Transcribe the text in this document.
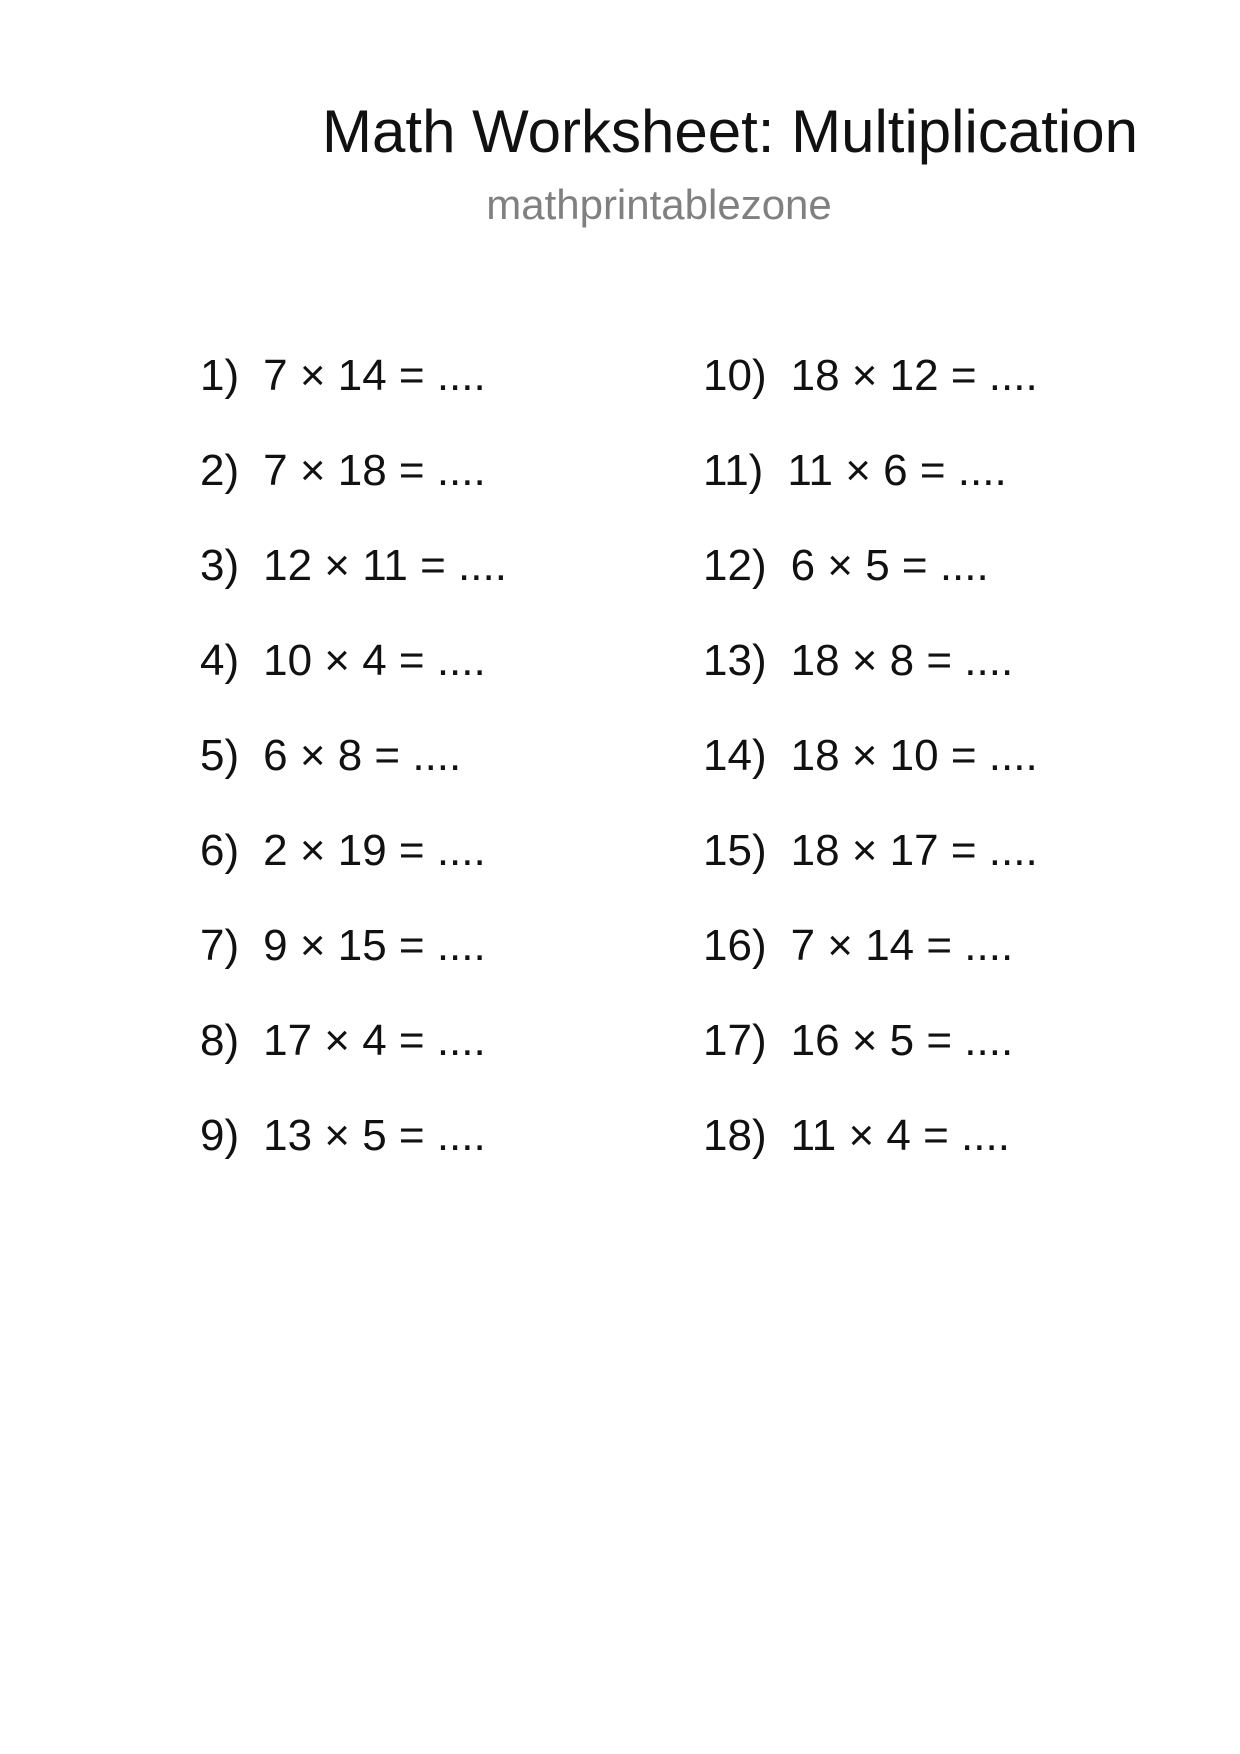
Math Worksheet: Multiplication
mathprintablezone
1) 7 × 14 = ....
2) 7 × 18 = ....
3) 12 × 11 = ....
4) 10 × 4 = ....
5) 6 × 8 = ....
6) 2 × 19 = ....
7) 9 × 15 = ....
8) 17 × 4 = ....
9) 13 × 5 = ....
10) 18 × 12 = ....
11) 11 × 6 = ....
12) 6 × 5 = ....
13) 18 × 8 = ....
14) 18 × 10 = ....
15) 18 × 17 = ....
16) 7 × 14 = ....
17) 16 × 5 = ....
18) 11 × 4 = ....
